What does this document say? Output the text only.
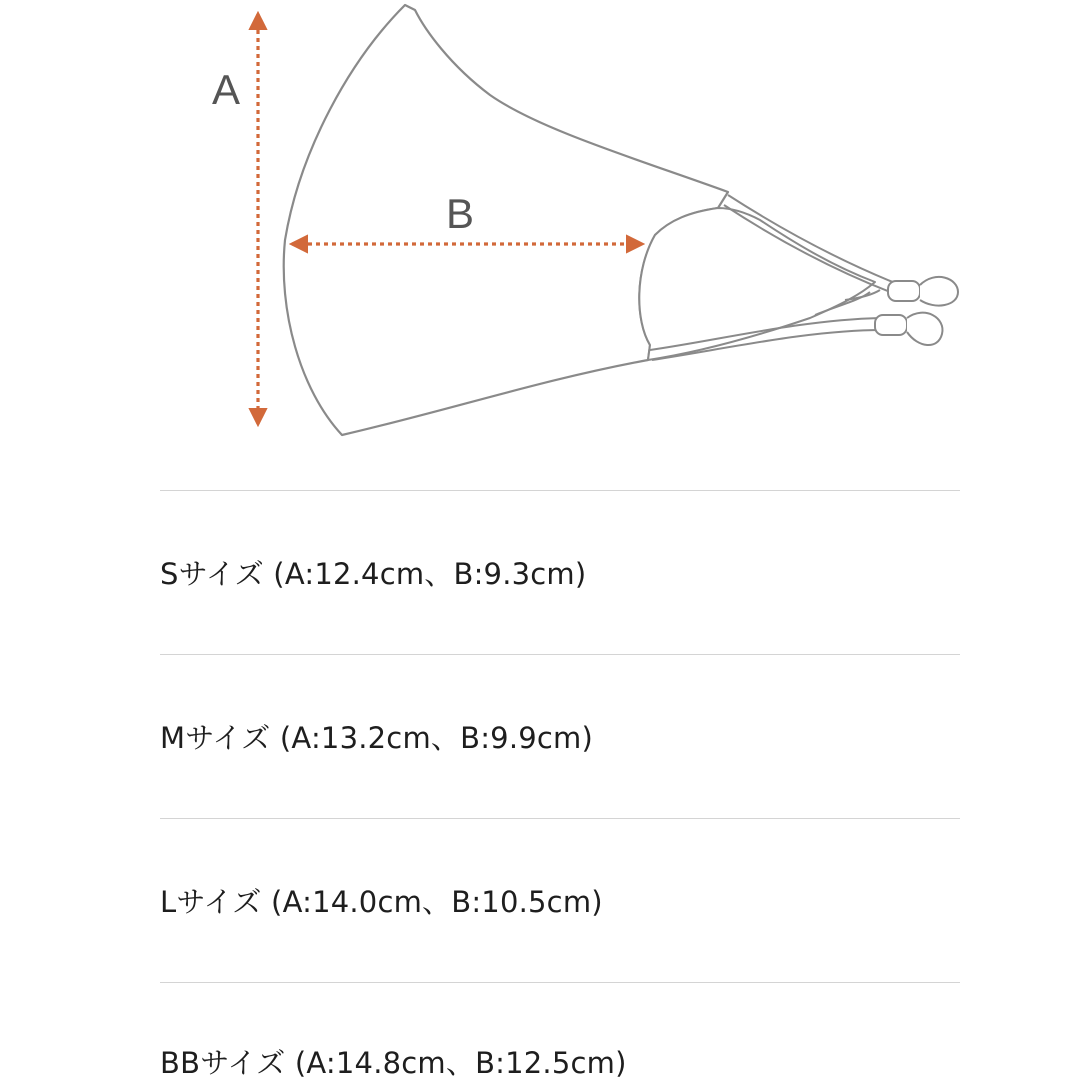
A
B
Sサイズ (A:12.4cm、B:9.3cm)
Mサイズ (A:13.2cm、B:9.9cm)
Lサイズ (A:14.0cm、B:10.5cm)
BBサイズ (A:14.8cm、B:12.5cm)
